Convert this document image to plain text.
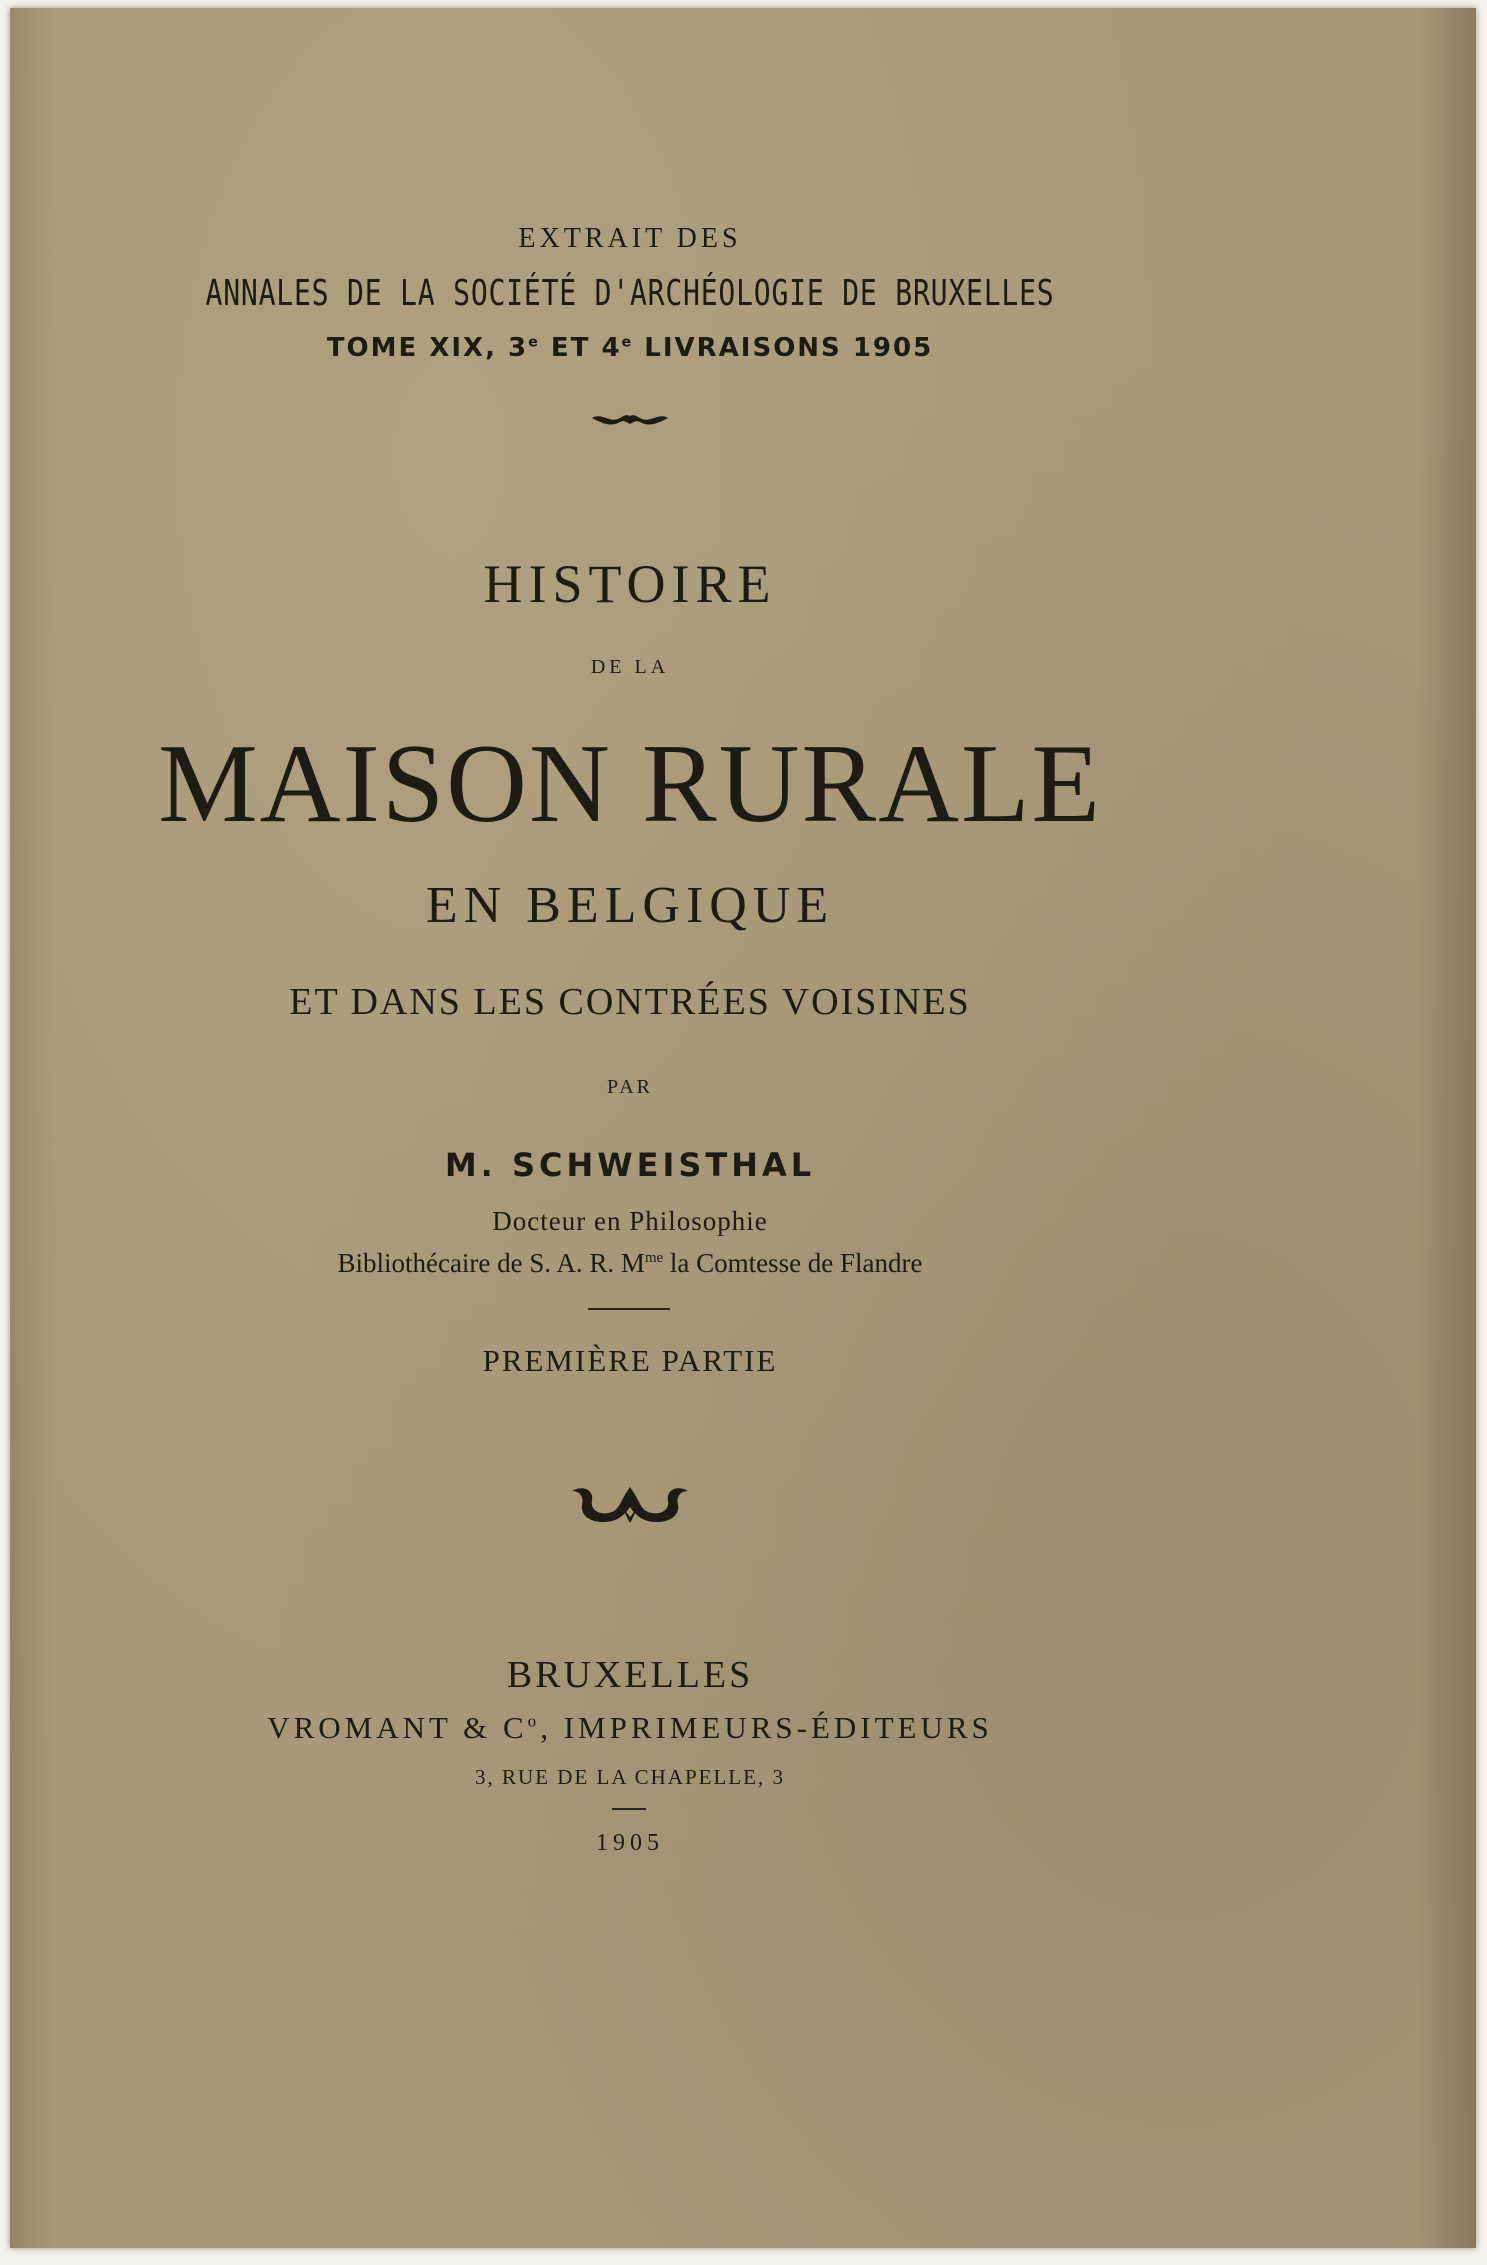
EXTRAIT DES
ANNALES DE LA SOCIÉTÉ D'ARCHÉOLOGIE DE BRUXELLES
TOME XIX, 3e ET 4e LIVRAISONS 1905
HISTOIRE
DE LA
MAISON RURALE
EN BELGIQUE
ET DANS LES CONTRÉES VOISINES
PAR
M. SCHWEISTHAL
Docteur en Philosophie
Bibliothécaire de S. A. R. $M^{me}$ la Comtesse de Flandre
PREMIÈRE PARTIE
BRUXELLES
VROMANT & $C^o$, IMPRIMEURS-ÉDITEURS
3, RUE DE LA CHAPELLE, 3
1905
